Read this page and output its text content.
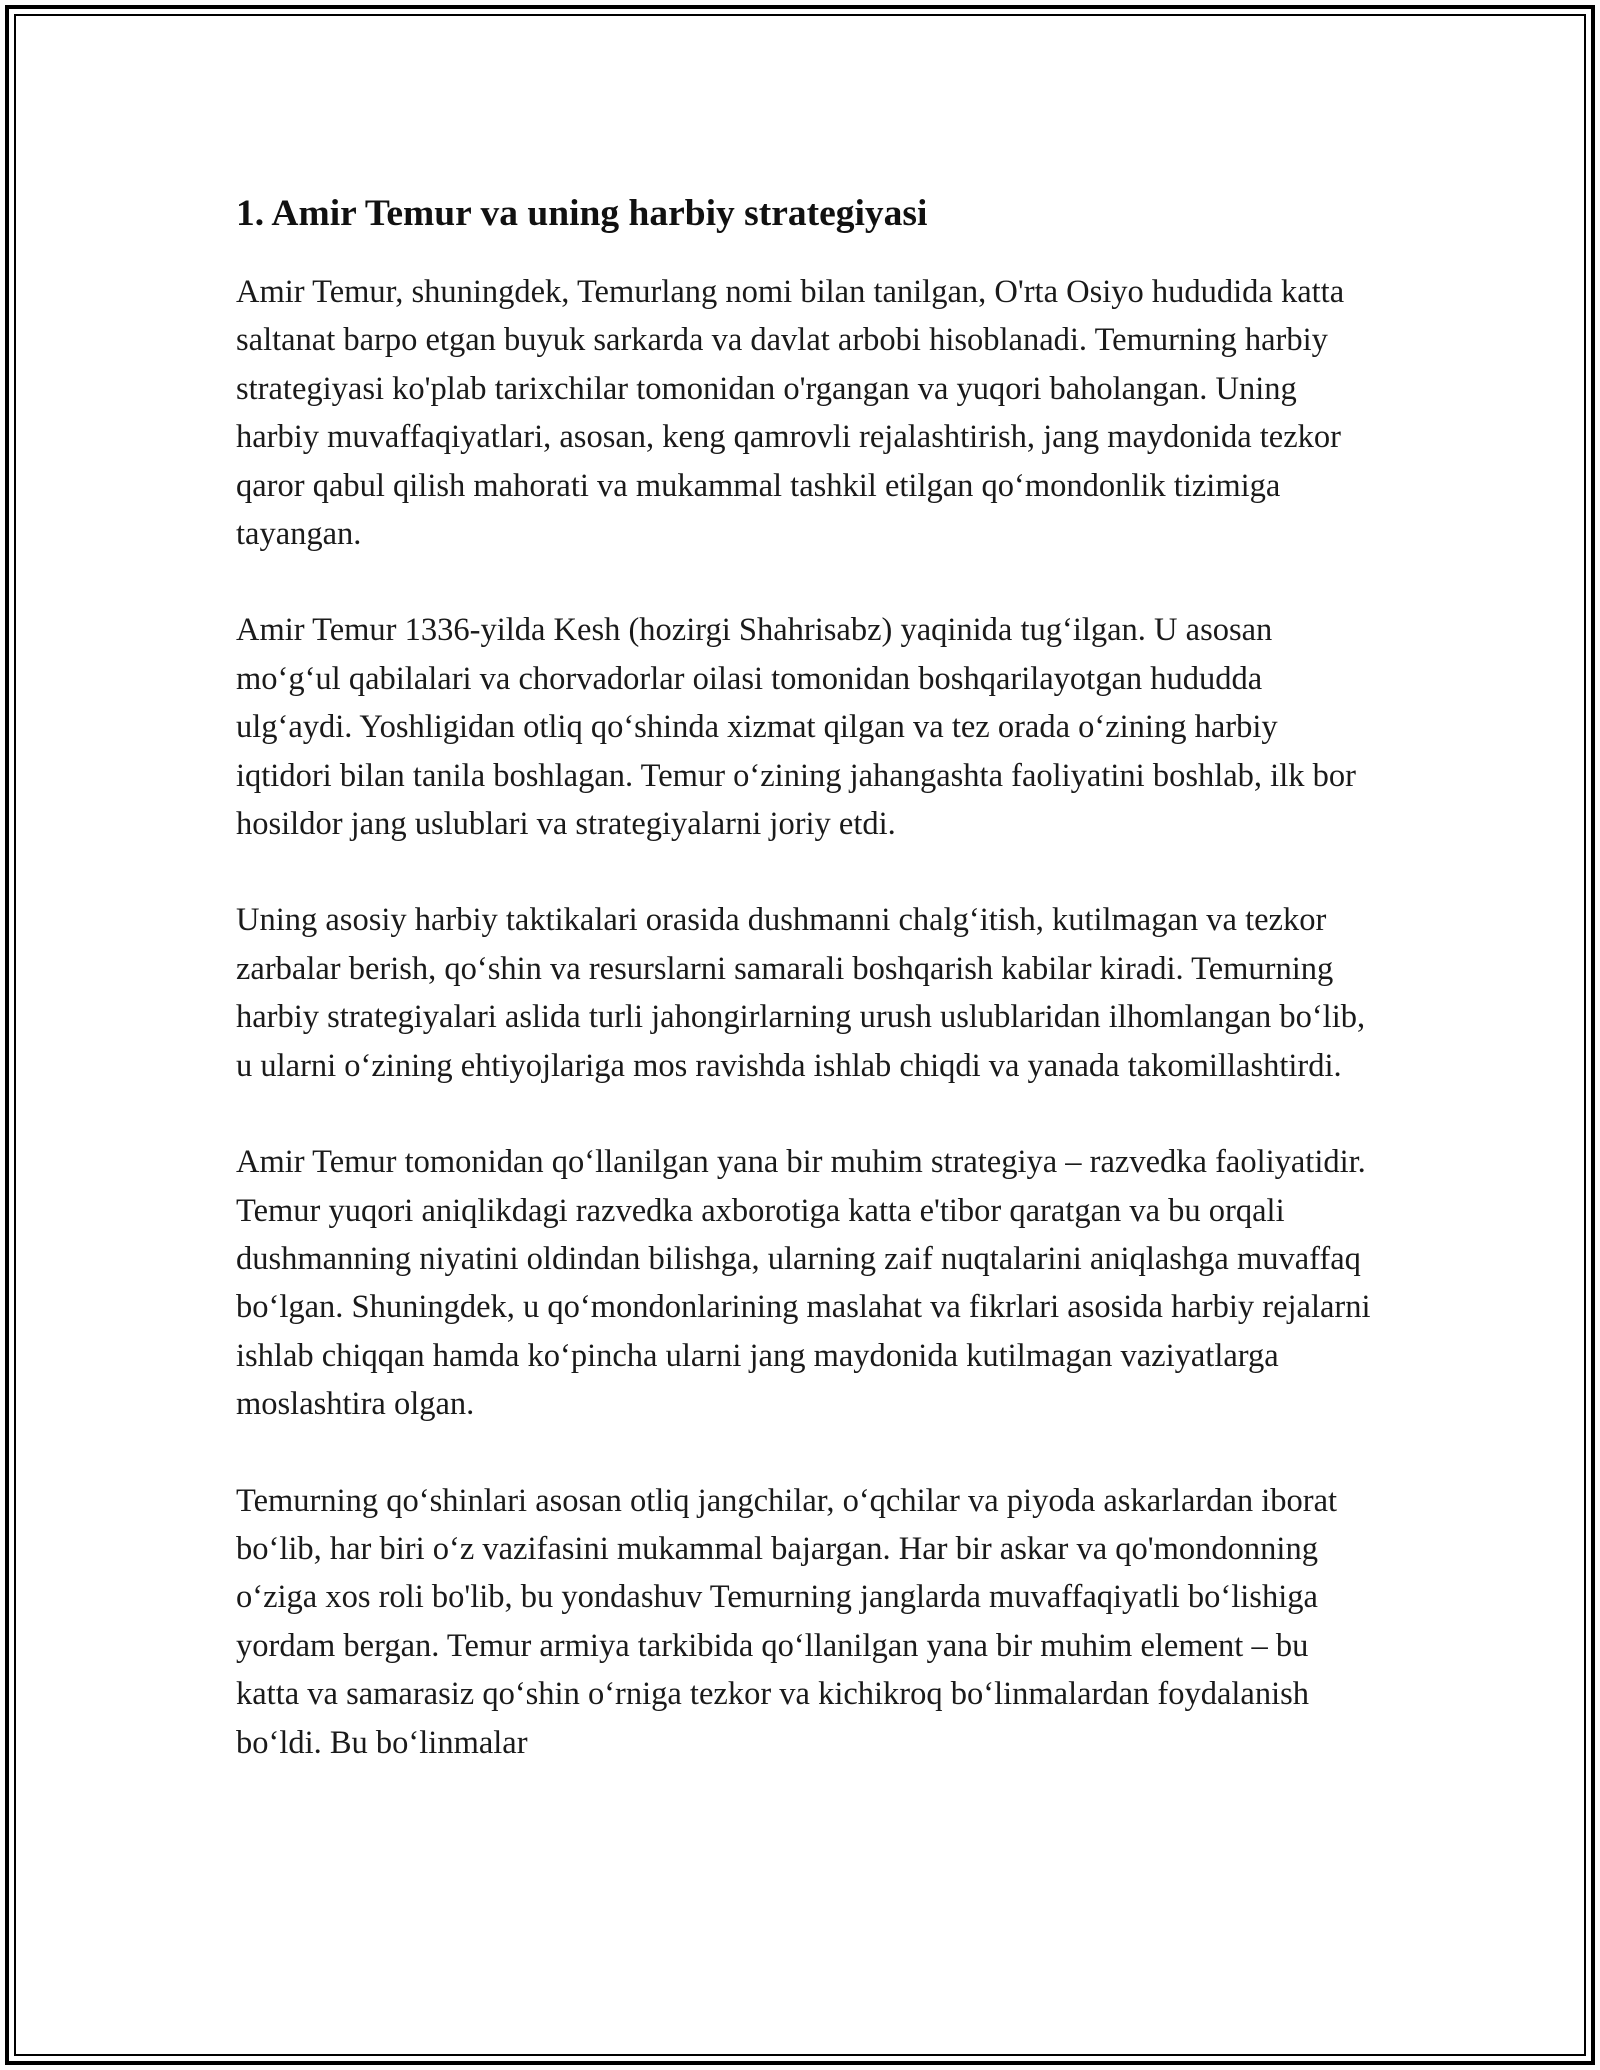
1. Amir Temur va uning harbiy strategiyasi

Amir Temur, shuningdek, Temurlang nomi bilan tanilgan, O'rta Osiyo hududida katta saltanat barpo etgan buyuk sarkarda va davlat arbobi hisoblanadi. Temurning harbiy strategiyasi ko'plab tarixchilar tomonidan o'rgangan va yuqori baholangan. Uning harbiy muvaffaqiyatlari, asosan, keng qamrovli rejalashtirish, jang maydonida tezkor qaror qabul qilish mahorati va mukammal tashkil etilgan qo‘mondonlik tizimiga tayangan.

Amir Temur 1336-yilda Kesh (hozirgi Shahrisabz) yaqinida tug‘ilgan. U asosan mo‘g‘ul qabilalari va chorvadorlar oilasi tomonidan boshqarilayotgan hududda ulg‘aydi. Yoshligidan otliq qo‘shinda xizmat qilgan va tez orada o‘zining harbiy iqtidori bilan tanila boshlagan. Temur o‘zining jahangashta faoliyatini boshlab, ilk bor hosildor jang uslublari va strategiyalarni joriy etdi.

Uning asosiy harbiy taktikalari orasida dushmanni chalg‘itish, kutilmagan va tezkor zarbalar berish, qo‘shin va resurslarni samarali boshqarish kabilar kiradi. Temurning harbiy strategiyalari aslida turli jahongirlarning urush uslublaridan ilhomlangan bo‘lib, u ularni o‘zining ehtiyojlariga mos ravishda ishlab chiqdi va yanada takomillashtirdi.

Amir Temur tomonidan qo‘llanilgan yana bir muhim strategiya – razvedka faoliyatidir. Temur yuqori aniqlikdagi razvedka axborotiga katta e'tibor qaratgan va bu orqali dushmanning niyatini oldindan bilishga, ularning zaif nuqtalarini aniqlashga muvaffaq bo‘lgan. Shuningdek, u qo‘mondonlarining maslahat va fikrlari asosida harbiy rejalarni ishlab chiqqan hamda ko‘pincha ularni jang maydonida kutilmagan vaziyatlarga moslashtira olgan.

Temurning qo‘shinlari asosan otliq jangchilar, o‘qchilar va piyoda askarlardan iborat bo‘lib, har biri o‘z vazifasini mukammal bajargan. Har bir askar va qo'mondonning o‘ziga xos roli bo'lib, bu yondashuv Temurning janglarda muvaffaqiyatli bo‘lishiga yordam bergan. Temur armiya tarkibida qo‘llanilgan yana bir muhim element – bu katta va samarasiz qo‘shin o‘rniga tezkor va kichikroq bo‘linmalardan foydalanish bo‘ldi. Bu bo‘linmalar
